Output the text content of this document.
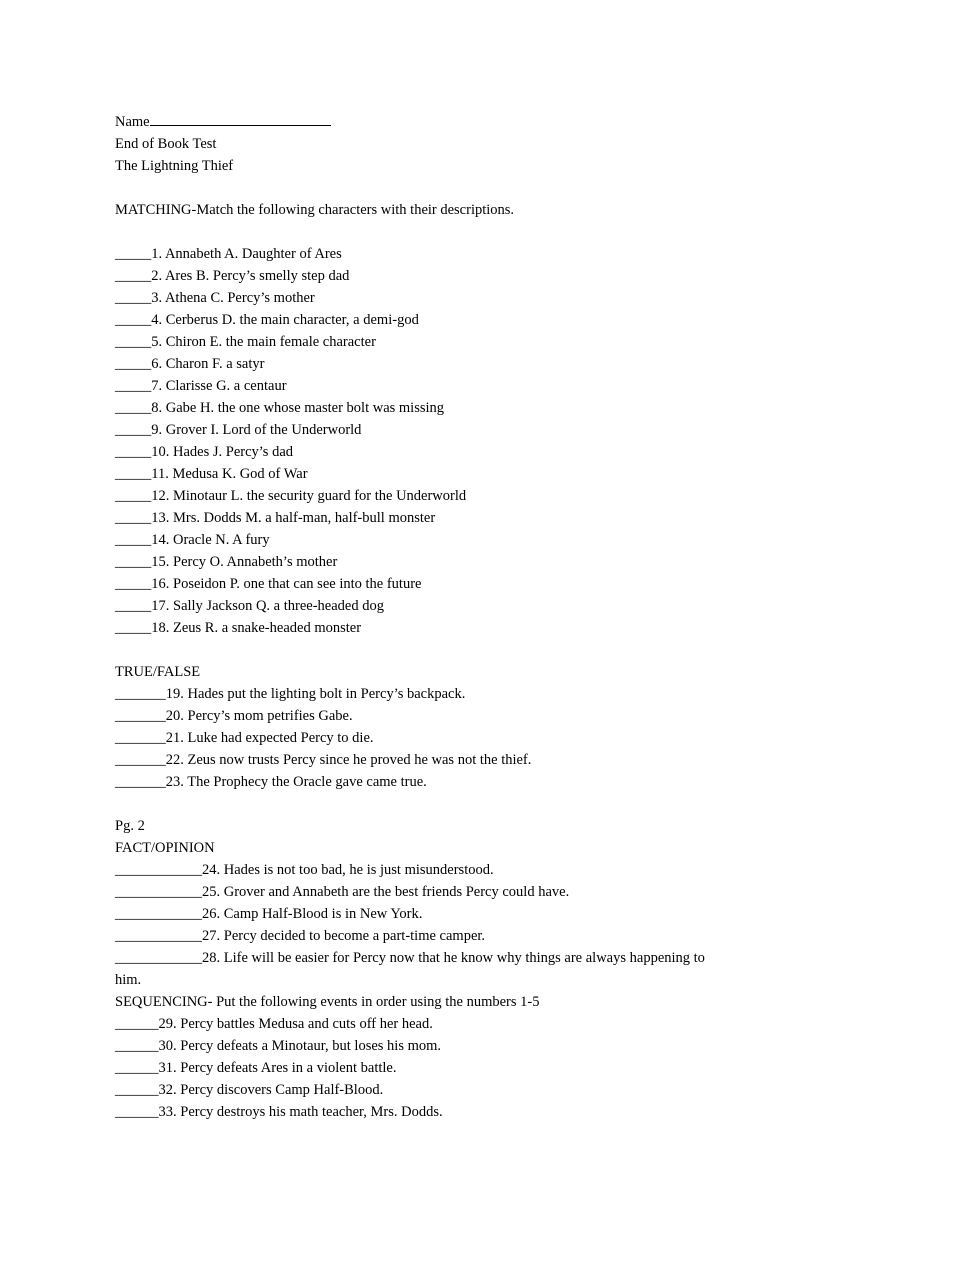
Name
End of Book Test
The Lightning Thief
MATCHING-Match the following characters with their descriptions.
_____1. Annabeth A. Daughter of Ares
_____2. Ares B. Percy’s smelly step dad
_____3. Athena C. Percy’s mother
_____4. Cerberus D. the main character, a demi-god
_____5. Chiron E. the main female character
_____6. Charon F. a satyr
_____7. Clarisse G. a centaur
_____8. Gabe H. the one whose master bolt was missing
_____9. Grover I. Lord of the Underworld
_____10. Hades J. Percy’s dad
_____11. Medusa K. God of War
_____12. Minotaur L. the security guard for the Underworld
_____13. Mrs. Dodds M. a half-man, half-bull monster
_____14. Oracle N. A fury
_____15. Percy O. Annabeth’s mother
_____16. Poseidon P. one that can see into the future
_____17. Sally Jackson Q. a three-headed dog
_____18. Zeus R. a snake-headed monster
TRUE/FALSE
_______19. Hades put the lighting bolt in Percy’s backpack.
_______20. Percy’s mom petrifies Gabe.
_______21. Luke had expected Percy to die.
_______22. Zeus now trusts Percy since he proved he was not the thief.
_______23. The Prophecy the Oracle gave came true.
Pg. 2
FACT/OPINION
____________24. Hades is not too bad, he is just misunderstood.
____________25. Grover and Annabeth are the best friends Percy could have.
____________26. Camp Half-Blood is in New York.
____________27. Percy decided to become a part-time camper.
____________28. Life will be easier for Percy now that he know why things are always happening to him.
SEQUENCING- Put the following events in order using the numbers 1-5
______29. Percy battles Medusa and cuts off her head.
______30. Percy defeats a Minotaur, but loses his mom.
______31. Percy defeats Ares in a violent battle.
______32. Percy discovers Camp Half-Blood.
______33. Percy destroys his math teacher, Mrs. Dodds.
